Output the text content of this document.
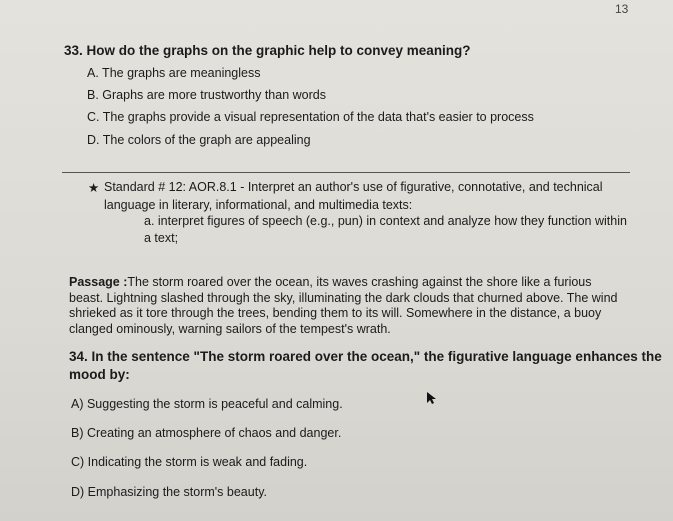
13
33. How do the graphs on the graphic help to convey meaning?
A. The graphs are meaningless
B. Graphs are more trustworthy than words
C. The graphs provide a visual representation of the data that's easier to process
D. The colors of the graph are appealing
★ Standard # 12: AOR.8.1 - Interpret an author's use of figurative, connotative, and technical
language in literary, informational, and multimedia texts:
a. interpret figures of speech (e.g., pun) in context and analyze how they function within
a text;
Passage :The storm roared over the ocean, its waves crashing against the shore like a furious beast. Lightning slashed through the sky, illuminating the dark clouds that churned above. The wind shrieked as it tore through the trees, bending them to its will. Somewhere in the distance, a buoy clanged ominously, warning sailors of the tempest's wrath.
34. In the sentence "The storm roared over the ocean," the figurative language enhances the
mood by:
A) Suggesting the storm is peaceful and calming.
B) Creating an atmosphere of chaos and danger.
C) Indicating the storm is weak and fading.
D) Emphasizing the storm's beauty.
